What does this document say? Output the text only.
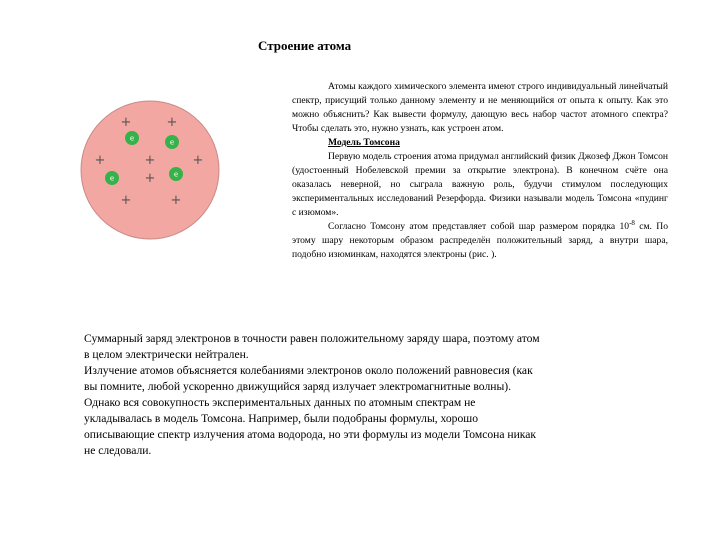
Строение атома
+	+
+	+	+
+
+	+
e	e
e	e

Атомы каждого химического элемента имеют строго индивидуальный линейчатый спектр, присущий только данному элементу и не меняющийся от опыта к опыту. Как это можно объяснить? Как вывести формулу, дающую весь набор частот атомного спектра? Чтобы сделать это, нужно узнать, как устроен атом.

Модель Томсона

Первую модель строения атома придумал английский физик Джозеф Джон Томсон (удостоенный Нобелевской премии за открытие электрона). В конечном счёте она оказалась неверной, но сыграла важную роль, будучи стимулом последующих экспериментальных исследований Резерфорда. Физики называли модель Томсона «пудинг с изюмом».

Согласно Томсону атом представляет собой шар размером порядка $10^{-8}$ см. По этому шару некоторым образом распределён положительный заряд, а внутри шара, подобно изюминкам, находятся электроны (рис. ).

Суммарный заряд электронов в точности равен положительному заряду шара, поэтому атом

в целом электрически нейтрален.

Излучение атомов объясняется колебаниями электронов около положений равновесия (как

вы помните, любой ускоренно движущийся заряд излучает электромагнитные волны).

Однако вся совокупность экспериментальных данных по атомным спектрам не

укладывалась в модель Томсона. Например, были подобраны формулы, хорошо

описывающие спектр излучения атома водорода, но эти формулы из модели Томсона никак

не следовали.
